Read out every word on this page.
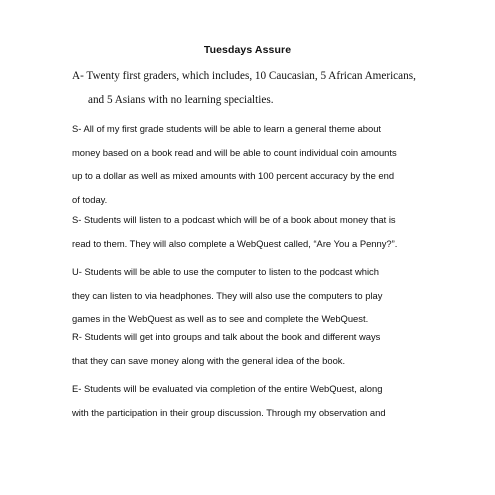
Tuesdays Assure
A- Twenty first graders, which includes, 10 Caucasian, 5 African Americans,
and 5 Asians with no learning specialties.
S- All of my first grade students will be able to learn a general theme about
money based on a book read and will be able to count individual coin amounts
up to a dollar as well as mixed amounts with 100 percent accuracy by the end
of today.
S- Students will listen to a podcast which will be of a book about money that is
read to them. They will also complete a WebQuest called, “Are You a Penny?”.
U- Students will be able to use the computer to listen to the podcast which
they can listen to via headphones. They will also use the computers to play
games in the WebQuest as well as to see and complete the WebQuest.
R- Students will get into groups and talk about the book and different ways
that they can save money along with the general idea of the book.
E- Students will be evaluated via completion of the entire WebQuest, along
with the participation in their group discussion. Through my observation and
